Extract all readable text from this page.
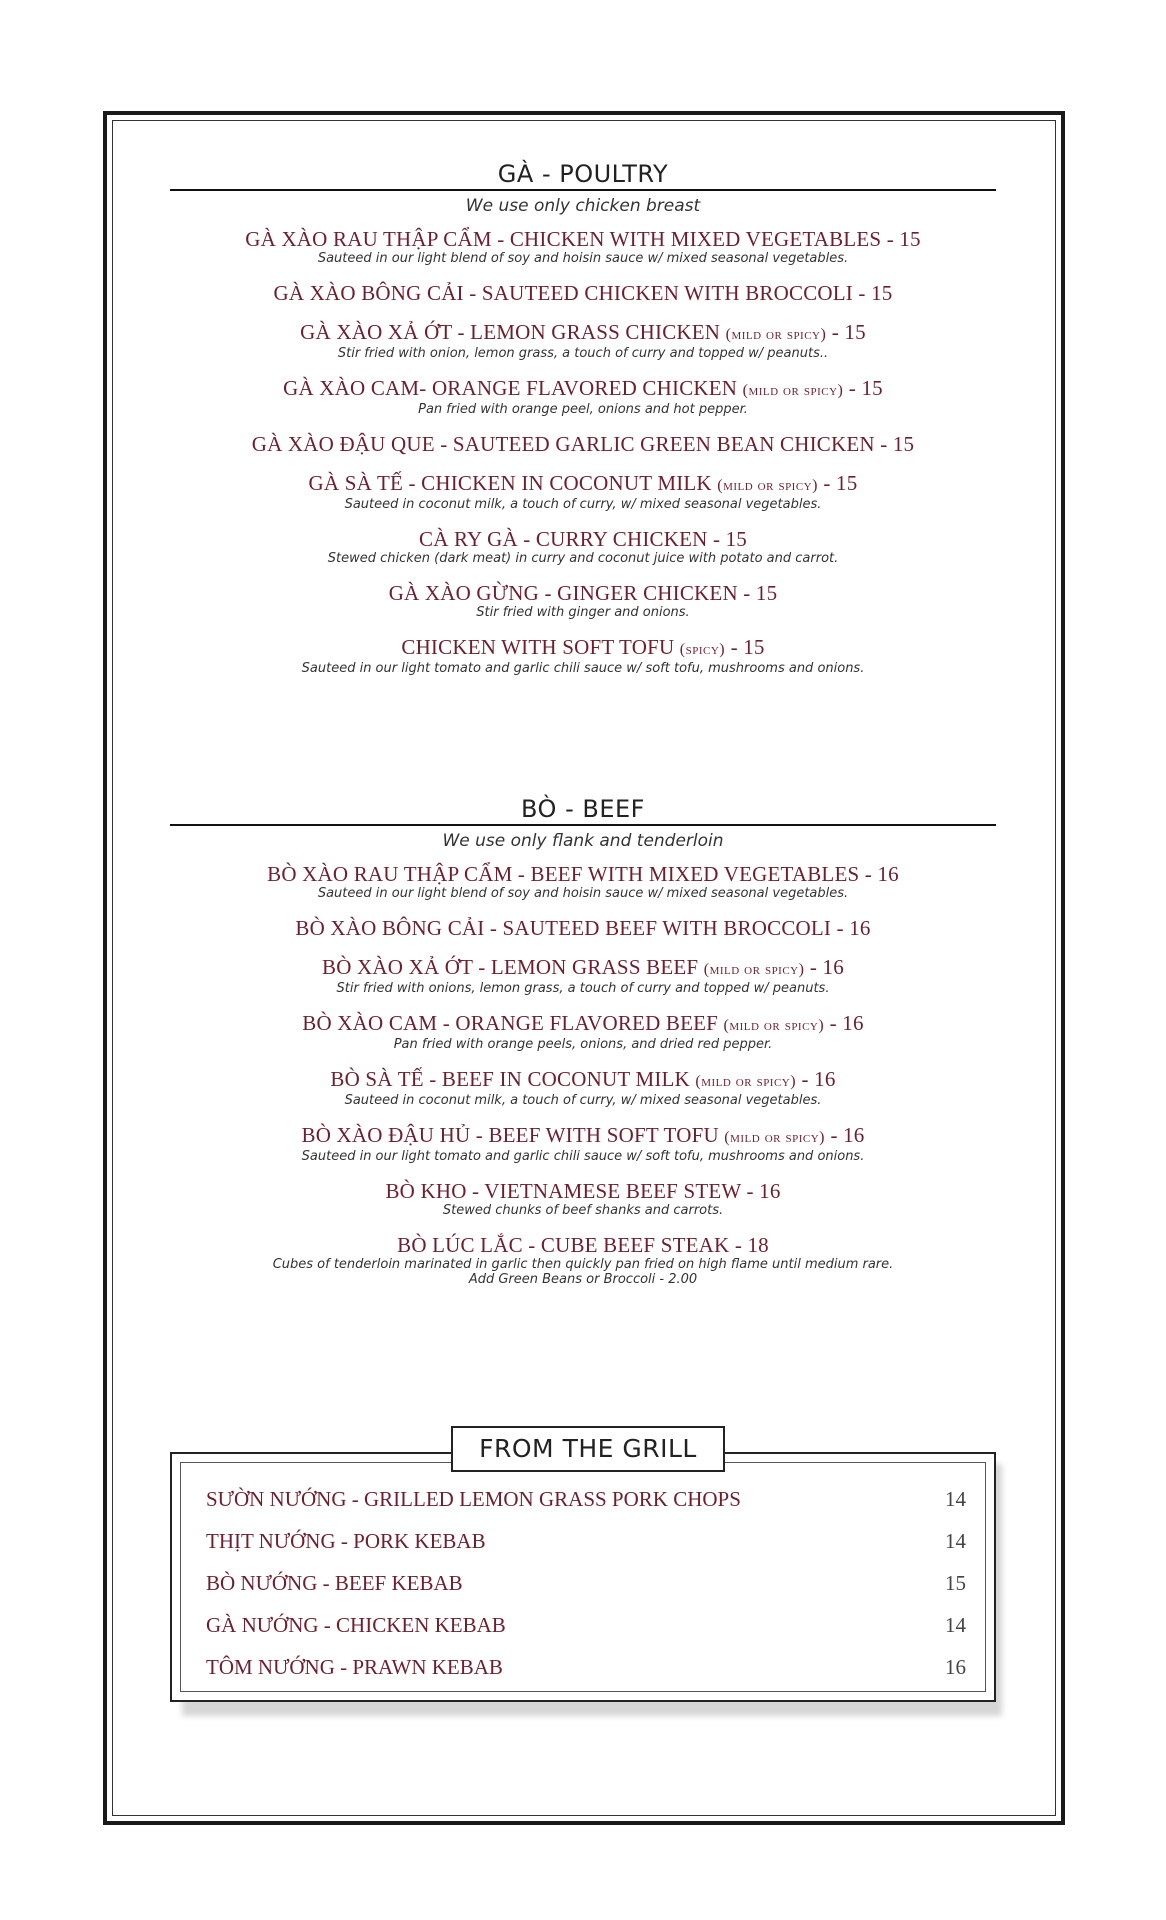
GÀ - POULTRY
We use only chicken breast
GÀ XÀO RAU THẬP CẨM - CHICKEN WITH MIXED VEGETABLES - 15
Sauteed in our light blend of soy and hoisin sauce w/ mixed seasonal vegetables.
GÀ XÀO BÔNG CẢI - SAUTEED CHICKEN WITH BROCCOLI - 15
GÀ XÀO XẢ ỚT - LEMON GRASS CHICKEN (mild or spicy) - 15
Stir fried with onion, lemon grass, a touch of curry and topped w/ peanuts..
GÀ XÀO CAM- ORANGE FLAVORED CHICKEN (mild or spicy) - 15
Pan fried with orange peel, onions and hot pepper.
GÀ XÀO ĐẬU QUE - SAUTEED GARLIC GREEN BEAN CHICKEN - 15
GÀ SÀ TẾ - CHICKEN IN COCONUT MILK (mild or spicy) - 15
Sauteed in coconut milk, a touch of curry, w/ mixed seasonal vegetables.
CÀ RY GÀ - CURRY CHICKEN - 15
Stewed chicken (dark meat) in curry and coconut juice with potato and carrot.
GÀ XÀO GỪNG - GINGER CHICKEN - 15
Stir fried with ginger and onions.
CHICKEN WITH SOFT TOFU (spicy) - 15
Sauteed in our light tomato and garlic chili sauce w/ soft tofu, mushrooms and onions.
BÒ - BEEF
We use only flank and tenderloin
BÒ XÀO RAU THẬP CẨM - BEEF WITH MIXED VEGETABLES - 16
Sauteed in our light blend of soy and hoisin sauce w/ mixed seasonal vegetables.
BÒ XÀO BÔNG CẢI - SAUTEED BEEF WITH BROCCOLI - 16
BÒ XÀO XẢ ỚT - LEMON GRASS BEEF (mild or spicy) - 16
Stir fried with onions, lemon grass, a touch of curry and topped w/ peanuts.
BÒ XÀO CAM - ORANGE FLAVORED BEEF (mild or spicy) - 16
Pan fried with orange peels, onions, and dried red pepper.
BÒ SÀ TẾ - BEEF IN COCONUT MILK (mild or spicy) - 16
Sauteed in coconut milk, a touch of curry, w/ mixed seasonal vegetables.
BÒ XÀO ĐẬU HỦ - BEEF WITH SOFT TOFU (mild or spicy) - 16
Sauteed in our light tomato and garlic chili sauce w/ soft tofu, mushrooms and onions.
BÒ KHO - VIETNAMESE BEEF STEW - 16
Stewed chunks of beef shanks and carrots.
BÒ LÚC LẮC - CUBE BEEF STEAK - 18
Cubes of tenderloin marinated in garlic then quickly pan fried on high flame until medium rare.
Add Green Beans or Broccoli - 2.00
FROM THE GRILL
SƯỜN NƯỚNG - GRILLED LEMON GRASS PORK CHOPS	14
THỊT NƯỚNG - PORK KEBAB	14
BÒ NƯỚNG - BEEF KEBAB	15
GÀ NƯỚNG - CHICKEN KEBAB	14
TÔM NƯỚNG - PRAWN KEBAB	16
